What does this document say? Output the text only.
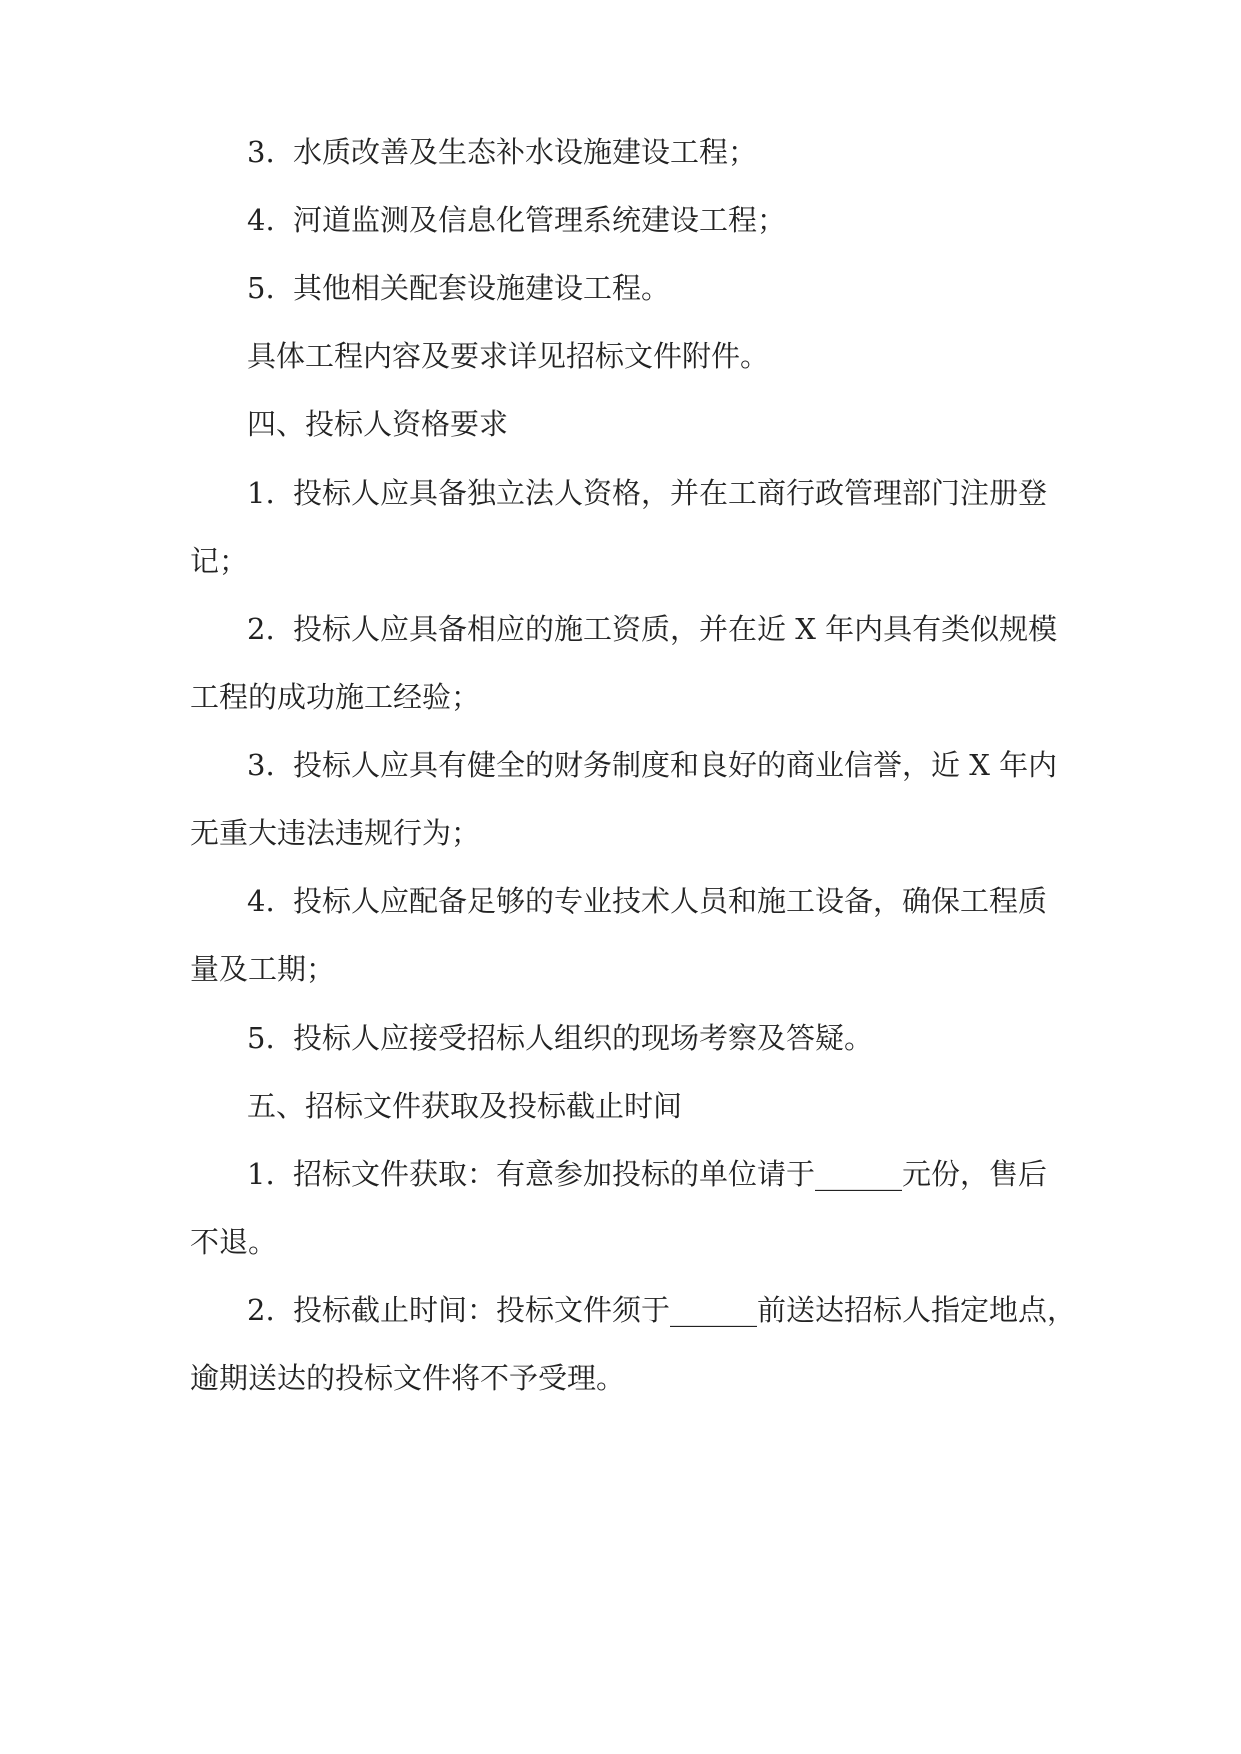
3. 水质改善及生态补水设施建设工程；
4. 河道监测及信息化管理系统建设工程；
5. 其他相关配套设施建设工程。
具体工程内容及要求详见招标文件附件。
四、投标人资格要求
1. 投标人应具备独立法人资格，并在工商行政管理部门注册登
记；
2. 投标人应具备相应的施工资质，并在近 X 年内具有类似规模
工程的成功施工经验；
3. 投标人应具有健全的财务制度和良好的商业信誉，近 X 年内
无重大违法违规行为；
4. 投标人应配备足够的专业技术人员和施工设备，确保工程质
量及工期；
5. 投标人应接受招标人组织的现场考察及答疑。
五、招标文件获取及投标截止时间
1. 招标文件获取：有意参加投标的单位请于______元份，售后
不退。
2. 投标截止时间：投标文件须于______前送达招标人指定地点，
逾期送达的投标文件将不予受理。
